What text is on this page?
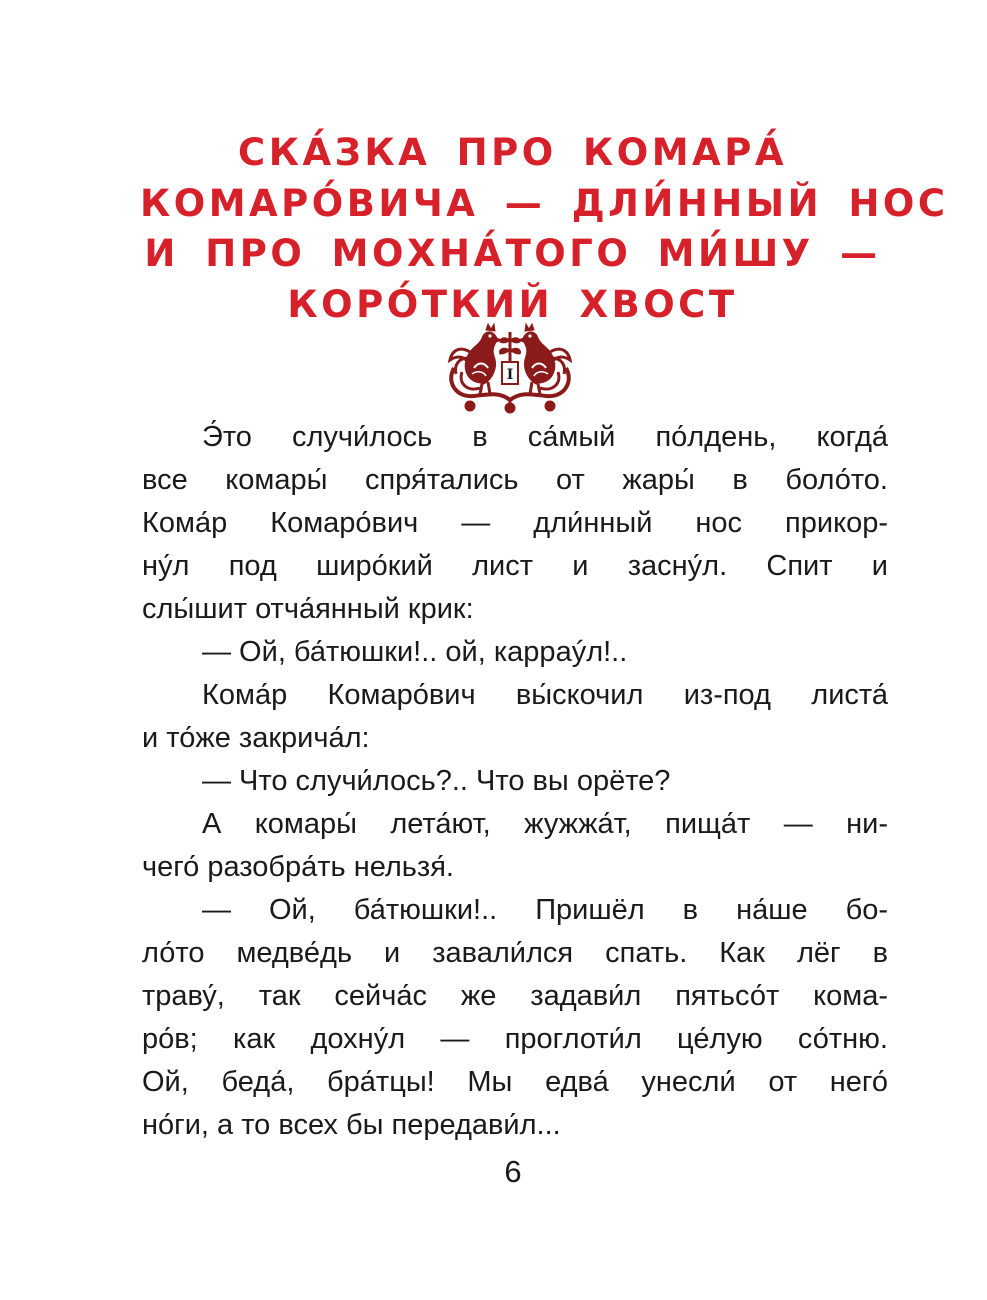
СКА́ЗКА ПРО КОМАРА́
КОМАРО́ВИЧА — ДЛИ́ННЫЙ НОС
И ПРО МОХНА́ТОГО МИ́ШУ —
КОРО́ТКИЙ ХВОСТ
I
Э́то случи́лось в са́мый по́лдень, когда́
все комары́ спря́тались от жары́ в боло́то.
Кома́р Комаро́вич — дли́нный нос прикор-
ну́л под широ́кий лист и засну́л. Спит и
слы́шит отча́янный крик:
— Ой, ба́тюшки!.. ой, карраýл!..
Кома́р Комаро́вич вы́скочил из-под листа́
и то́же закрича́л:
— Что случи́лось?.. Что вы орёте?
А комары́ лета́ют, жужжа́т, пища́т — ни-
чего́ разобра́ть нельзя́.
— Ой, ба́тюшки!.. Пришёл в на́ше бо-
ло́то медве́дь и завали́лся спать. Как лёг в
траву́, так сейча́с же задави́л пятьсо́т кома-
ро́в; как дохну́л — проглоти́л це́лую со́тню.
Ой, беда́, бра́тцы! Мы едва́ унесли́ от него́
но́ги, а то всех бы передави́л...
6
